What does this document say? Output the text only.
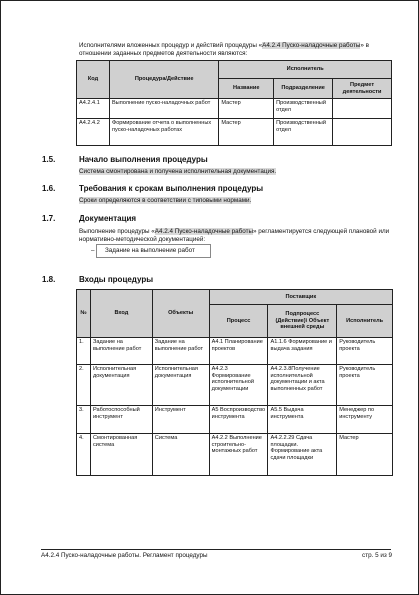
Исполнителями вложенных процедур и действий процедуры «А4.2.4 Пуско-наладочные работы» в отношении заданных предметов деятельности являются:
Код	Процедура/Действие	Исполнитель		
		Название	Подразделение	Предмет деятельности
А4.2.4.1	Выполнение пуско-наладочных работ	Мастер	Производственный отдел	
А4.2.4.2	Формирование отчета о выполненных пуско-наладочных работах	Мастер	Производственный отдел	
1.5.	Начало выполнения процедуры
Система смонтирована и получена исполнительная документация.
1.6.	Требования к срокам выполнения процедуры
Сроки определяются в соответствии с типовыми нормами.
1.7.	Документация
Выполнение процедуры «А4.2.4 Пуско-наладочные работы» регламентируется следующей плановой или нормативно-методической документацией:
– Задание на выполнение работ
1.8.	Входы процедуры
№	Вход	Объекты	Поставщик		
			Процесс	Подпроцесс (Действие)\ Объект внешней среды	Исполнитель
1.	Задание на выполнение работ	Задание на выполнение работ	А4.1 Планирование проектов	А1.1.6 Формирование и выдача задания	Руководитель проекта
2.	Исполнительная документация	Исполнительная документация	А4.2.3 Формирование исполнительной документации	А4.2.3.8Получение исполнительной документации и акта выполненных работ	Руководитель проекта
3.	Работоспособный инструмент	Инструмент	А5 Воспроизводство инструмента	А5.5 Выдача инструмента	Менеджер по инструменту
4.	Смонтированная система	Система	А4.2.2 Выполнение строительно-монтажных работ	А4.2.2.29 Сдача площадки. Формирование акта сдачи площадки	Мастер
А4.2.4 Пуско-наладочные работы. Регламент процедуры	стр. 5 из 9
